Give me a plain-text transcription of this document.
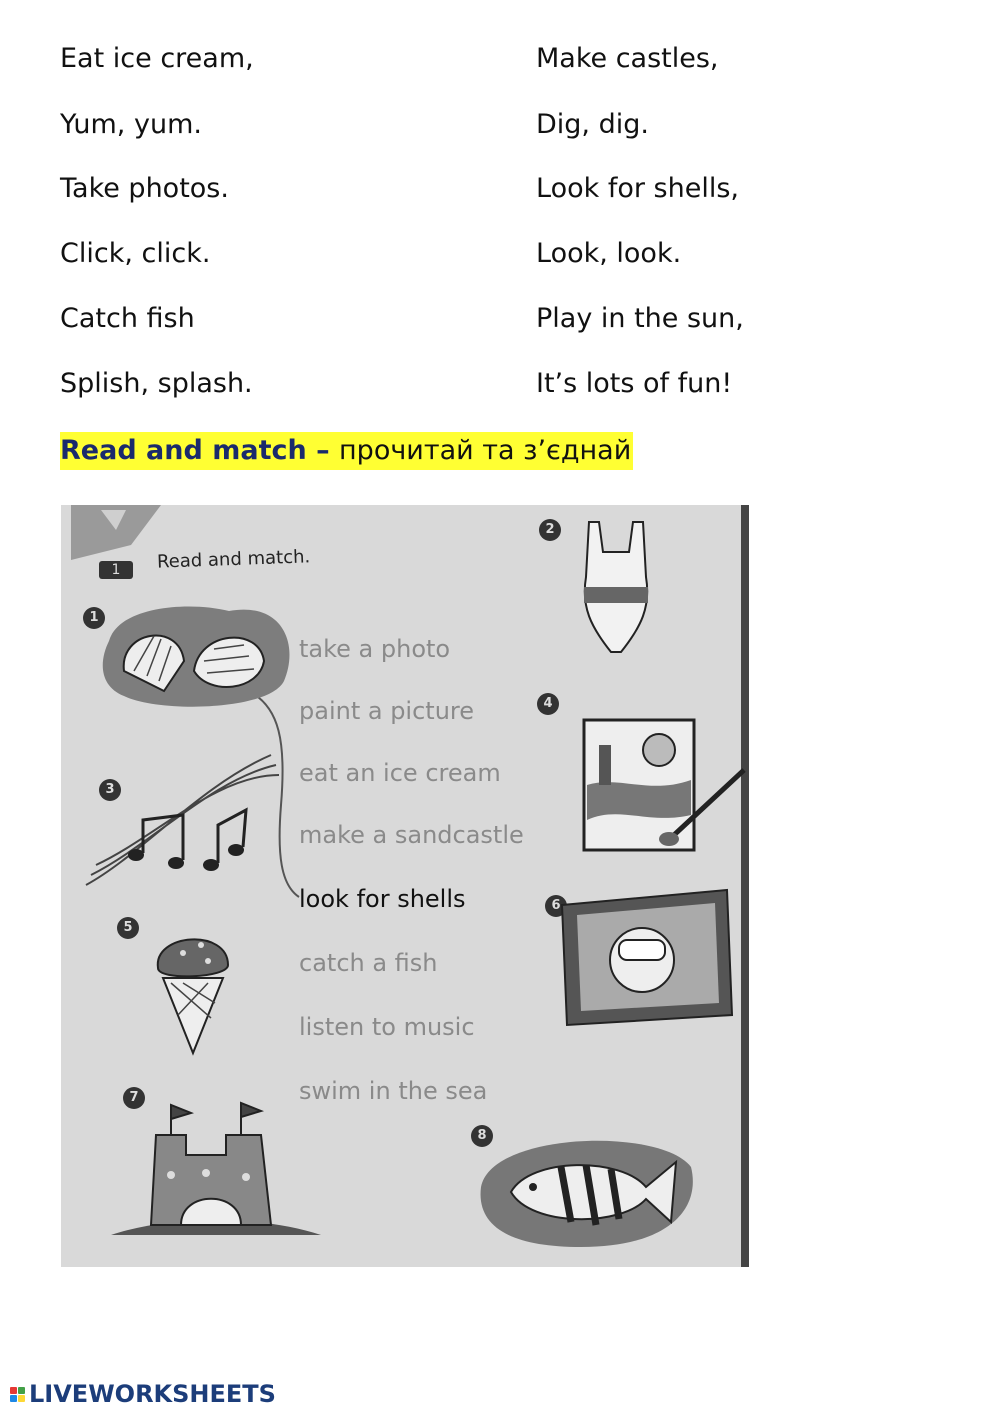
Eat ice cream,
Yum, yum.
Take photos.
Click, click.
Catch fish
Splish, splash.
Make castles,
Dig, dig.
Look for shells,
Look, look.
Play in the sun,
It’s lots of fun!
Read and match – прочитай та з’єднай
1	Read and match.
1
2
3
4
5
6
7
8
take a photo
paint a picture
eat an ice cream
make a sandcastle
look for shells
catch a fish
listen to music
swim in the sea
LIVEWORKSHEETS
